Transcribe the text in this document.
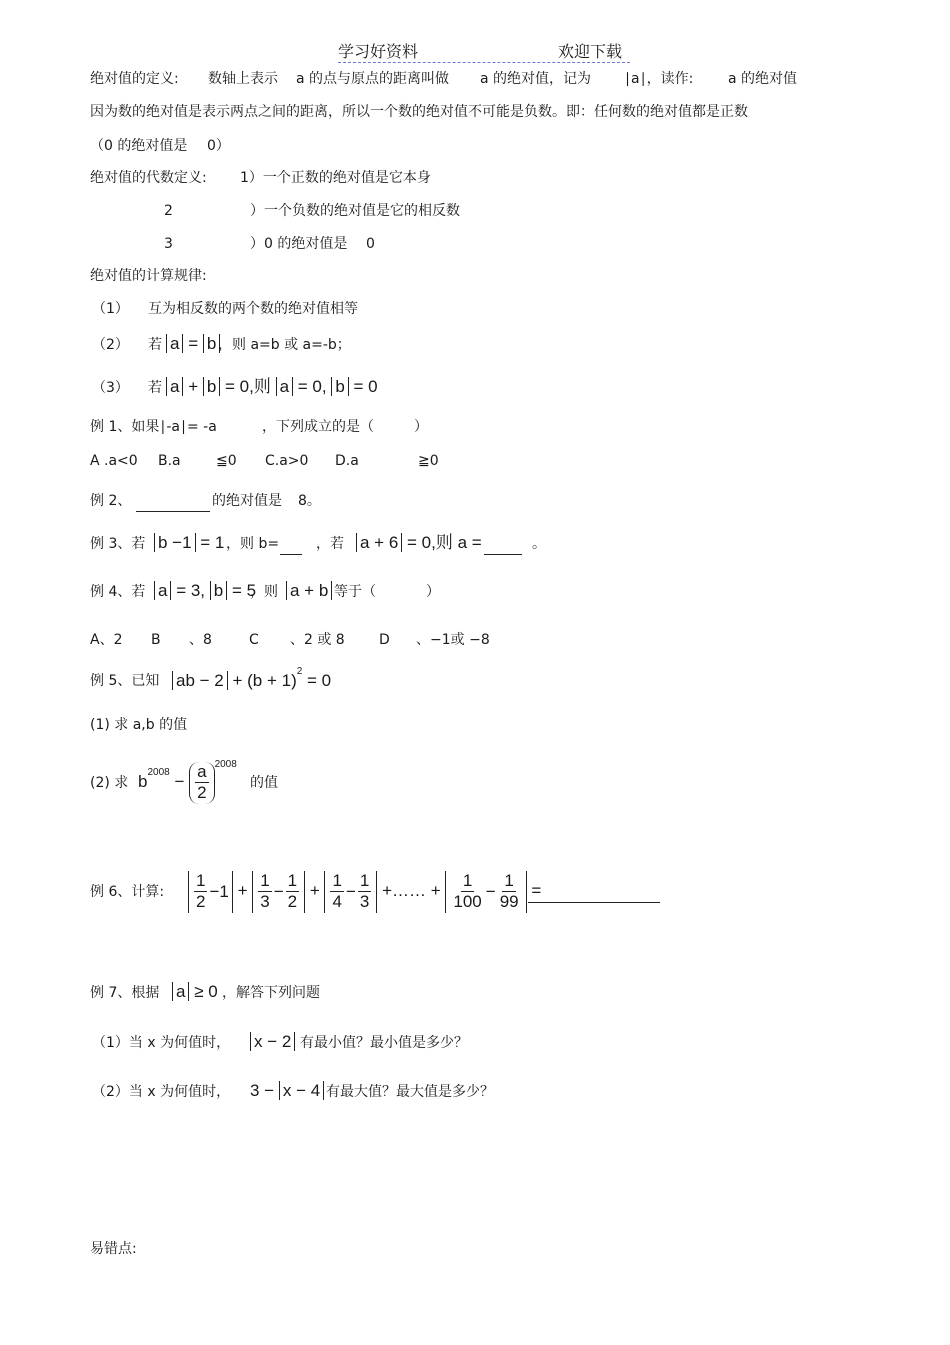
学习好资料	欢迎下载
绝对值的定义: 数轴上表示 a 的点与原点的距离叫做 a 的绝对值，记为 ∣a∣，读作: a 的绝对值
因为数的绝对值是表示两点之间的距离，所以一个数的绝对值不可能是负数。即：任何数的绝对值都是正数
（0 的绝对值是 0）
绝对值的代数定义: 1）一个正数的绝对值是它本身
2	）一个负数的绝对值是它的相反数
3	）0 的绝对值是 0
绝对值的计算规律:
（1） 互为相反数的两个数的绝对值相等
（2） 若 a = b ，则 a=b 或 a=-b；
（3） 若 a + b = 0,则 a = 0, b = 0
例 1、如果∣-a∣= -a	，下列成立的是（	）
A .a<0 B.a	≦0 C.a>0 D.a	≧0
例 2、
	的绝对值是 8。
例 3、若 b −1 = 1 ，则 b=
	，若 a + 6 = 0,则 a =
	。
例 4、若 a = 3, b = 5
，则 a + b 等于（	）
A、2 B 、8	C 、2 或 8 D 、−1或 −8
例 5、已知 ab − $2 + (b + 1)^2 = 0$
(1) 求 a,b 的值
(2) 求 $b^{2008} - \frac{a}{2} ^{2008}$
的值
例 6、计算: $\frac{1}{2} -1 + \frac{1}{3} - \frac{1}{2} + \frac{1}{4} - \frac{1}{3}$ +…… + $\frac{1}{100} - \frac{1}{99}$ =

例 7、根据 a ≥ 0 ，解答下列问题
（1）当 x 为何值时， x − 2 有最小值？最小值是多少？
（2）当 x 为何值时， 3 − x − 4 有最大值？最大值是多少？
易错点:
